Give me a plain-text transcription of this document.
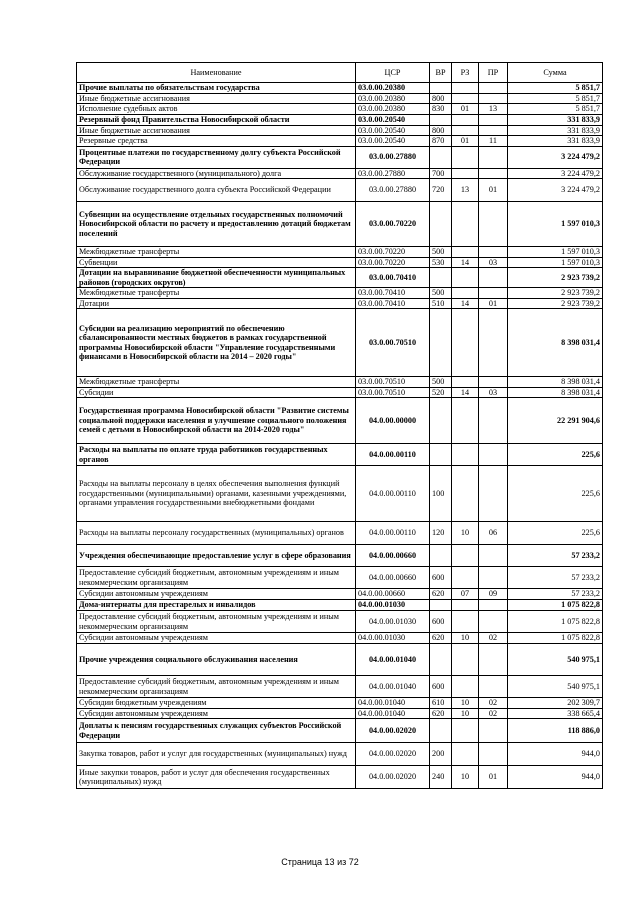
Наименование	ЦСР	ВР	РЗ	ПР	Сумма
Прочие выплаты по обязательствам государства	03.0.00.20380				5 851,7
Иные бюджетные ассигнования	03.0.00.20380	800			5 851,7
Исполнение судебных актов	03.0.00.20380	830	01	13	5 851,7
Резервный фонд Правительства Новосибирской области	03.0.00.20540				331 833,9
Иные бюджетные ассигнования	03.0.00.20540	800			331 833,9
Резервные средства	03.0.00.20540	870	01	11	331 833,9
Процентные платежи по государственному долгу субъекта Российской Федерации	03.0.00.27880				3 224 479,2
Обслуживание государственного (муниципального) долга	03.0.00.27880	700			3 224 479,2
Обслуживание государственного долга субъекта Российской Федерации	03.0.00.27880	720	13	01	3 224 479,2
Субвенции на осуществление отдельных государственных полномочий Новосибирской области по расчету и предоставлению дотаций бюджетам поселений	03.0.00.70220				1 597 010,3
Межбюджетные трансферты	03.0.00.70220	500			1 597 010,3
Субвенции	03.0.00.70220	530	14	03	1 597 010,3
Дотации на выравнивание бюджетной обеспеченности муниципальных районов (городских округов)	03.0.00.70410				2 923 739,2
Межбюджетные трансферты	03.0.00.70410	500			2 923 739,2
Дотации	03.0.00.70410	510	14	01	2 923 739,2
Субсидии на реализацию мероприятий по обеспечению сбалансированности местных бюджетов в рамках государственной программы Новосибирской области "Управление государственными финансами в Новосибирской области на 2014 – 2020 годы"	03.0.00.70510				8 398 031,4
Межбюджетные трансферты	03.0.00.70510	500			8 398 031,4
Субсидии	03.0.00.70510	520	14	03	8 398 031,4
Государственная программа Новосибирской области "Развитие системы социальной поддержки населения и улучшение социального положения семей с детьми в Новосибирской области на 2014-2020 годы"	04.0.00.00000				22 291 904,6
Расходы на выплаты по оплате труда работников государственных органов	04.0.00.00110				225,6
Расходы на выплаты персоналу в целях обеспечения выполнения функций государственными (муниципальными) органами, казенными учреждениями, органами управления государственными внебюджетными фондами	04.0.00.00110	100			225,6
Расходы на выплаты персоналу государственных (муниципальных) органов	04.0.00.00110	120	10	06	225,6
Учреждения обеспечивающие предоставление услуг в сфере образования	04.0.00.00660				57 233,2
Предоставление субсидий бюджетным, автономным учреждениям и иным некоммерческим организациям	04.0.00.00660	600			57 233,2
Субсидии автономным учреждениям	04.0.00.00660	620	07	09	57 233,2
Дома-интернаты для престарелых и инвалидов	04.0.00.01030				1 075 822,8
Предоставление субсидий бюджетным, автономным учреждениям и иным некоммерческим организациям	04.0.00.01030	600			1 075 822,8
Субсидии автономным учреждениям	04.0.00.01030	620	10	02	1 075 822,8
Прочие учреждения социального обслуживания населения	04.0.00.01040				540 975,1
Предоставление субсидий бюджетным, автономным учреждениям и иным некоммерческим организациям	04.0.00.01040	600			540 975,1
Субсидии бюджетным учреждениям	04.0.00.01040	610	10	02	202 309,7
Субсидии автономным учреждениям	04.0.00.01040	620	10	02	338 665,4
Доплаты к пенсиям государственных служащих субъектов Российской Федерации	04.0.00.02020				118 886,0
Закупка товаров, работ и услуг для государственных (муниципальных) нужд	04.0.00.02020	200			944,0
Иные закупки товаров, работ и услуг для обеспечения государственных (муниципальных) нужд	04.0.00.02020	240	10	01	944,0
Страница 13 из 72
